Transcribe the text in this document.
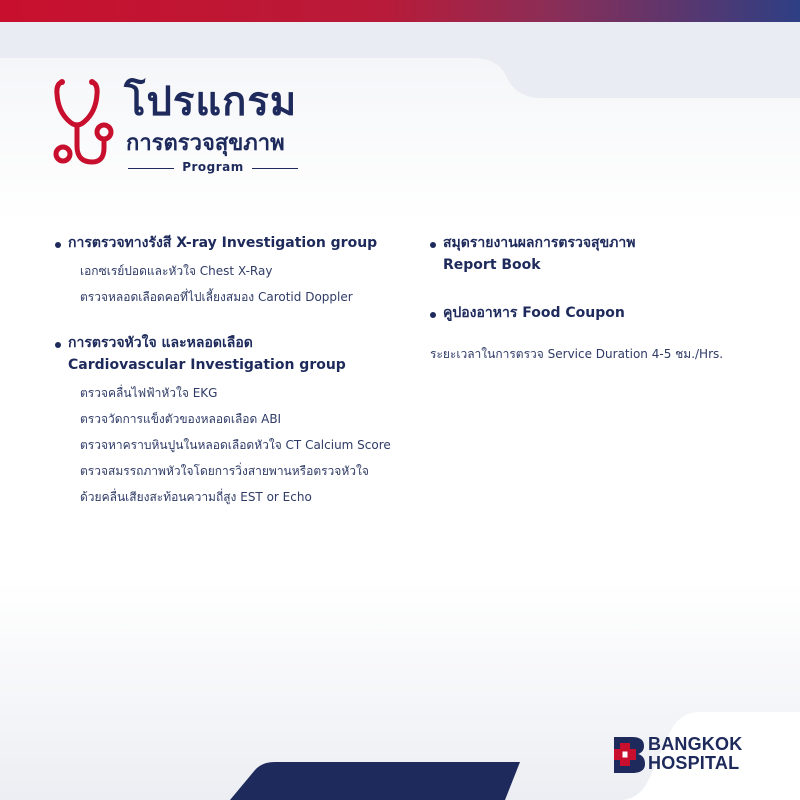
โปรแกรม
การตรวจสุขภาพ
Program
การตรวจทางรังสี X-ray Investigation group
เอกซเรย์ปอดและหัวใจ Chest X-Ray
ตรวจหลอดเลือดคอที่ไปเลี้ยงสมอง Carotid Doppler
การตรวจหัวใจ และหลอดเลือด
Cardiovascular Investigation group
ตรวจคลื่นไฟฟ้าหัวใจ EKG
ตรวจวัดการแข็งตัวของหลอดเลือด ABI
ตรวจหาคราบหินปูนในหลอดเลือดหัวใจ CT Calcium Score
ตรวจสมรรถภาพหัวใจโดยการวิ่งสายพานหรือตรวจหัวใจ
ด้วยคลื่นเสียงสะท้อนความถี่สูง EST or Echo
สมุดรายงานผลการตรวจสุขภาพ
Report Book
คูปองอาหาร Food Coupon
ระยะเวลาในการตรวจ Service Duration 4-5 ชม./Hrs.
BANGKOK
HOSPITAL
